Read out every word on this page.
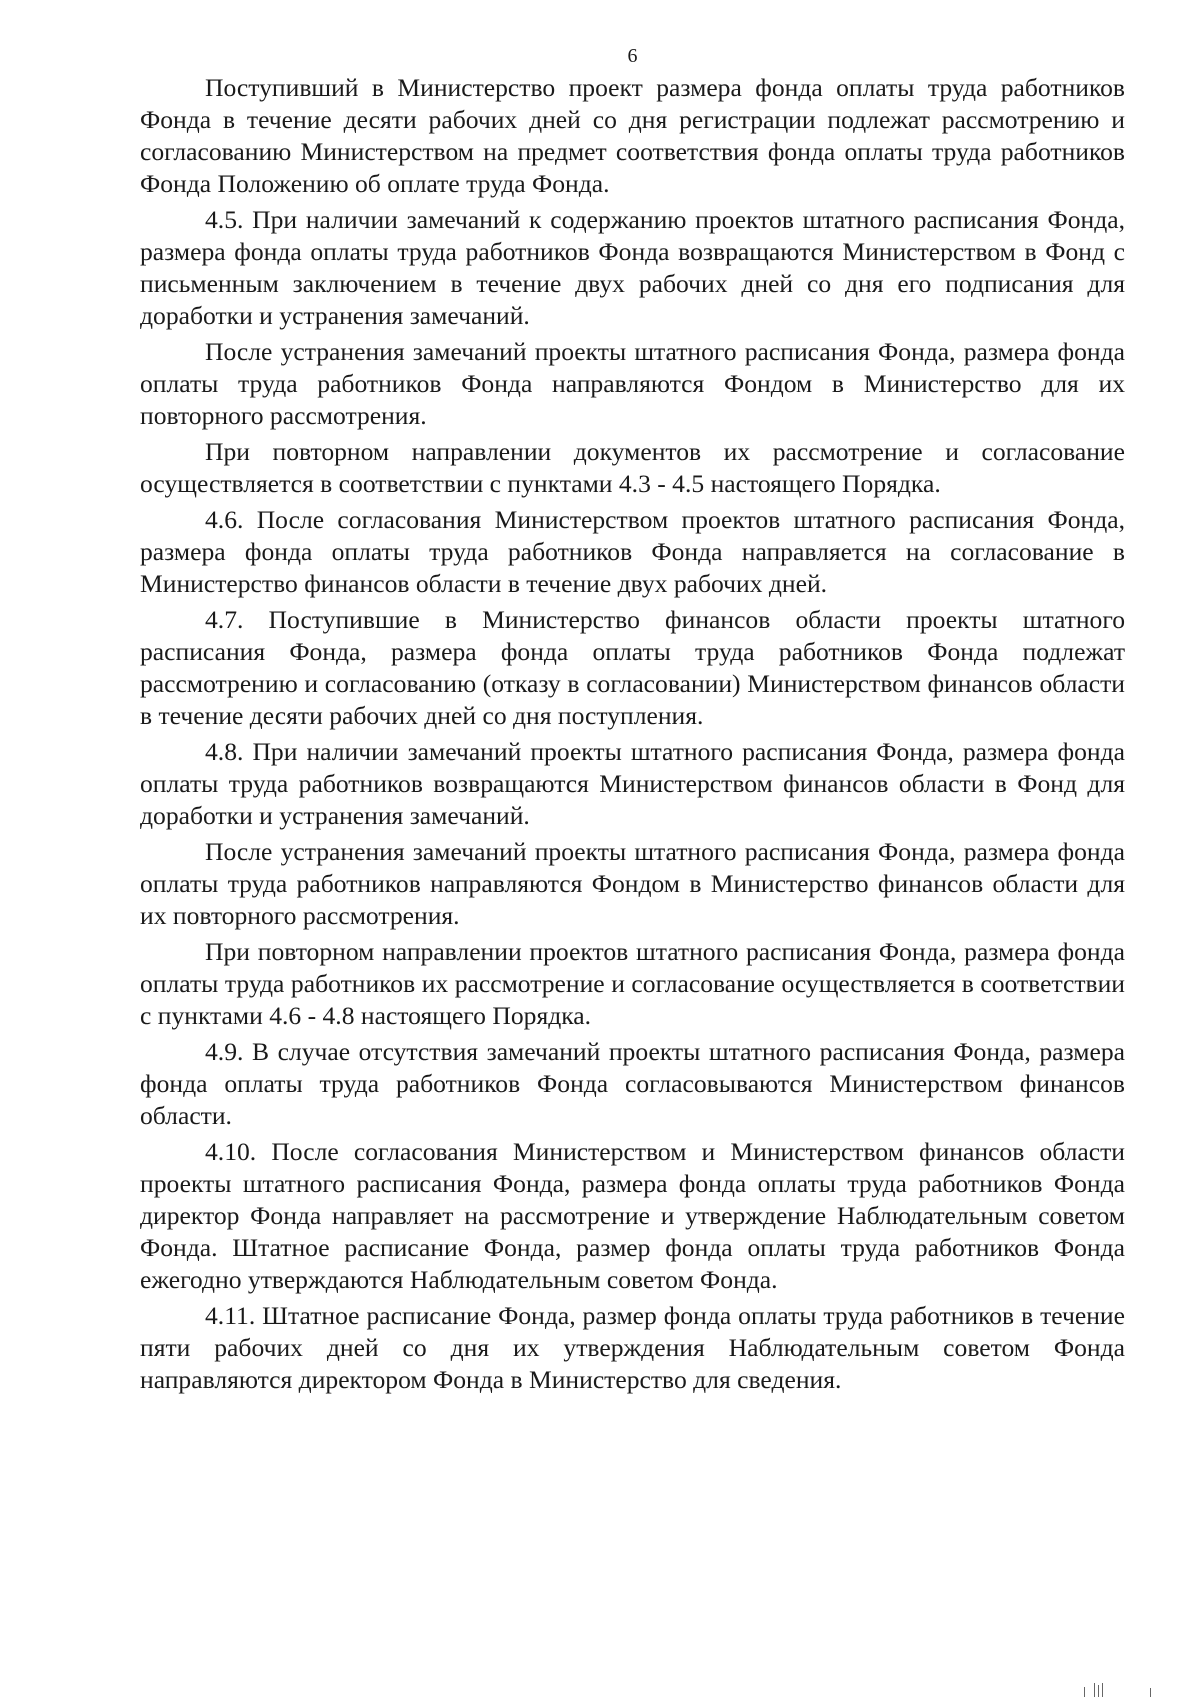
6

Поступивший в Министерство проект размера фонда оплаты труда работников Фонда в течение десяти рабочих дней со дня регистрации подлежат рассмотрению и согласованию Министерством на предмет соответствия фонда оплаты труда работников Фонда Положению об оплате труда Фонда.

4.5. При наличии замечаний к содержанию проектов штатного расписания Фонда, размера фонда оплаты труда работников Фонда возвращаются Министерством в Фонд с письменным заключением в течение двух рабочих дней со дня его подписания для доработки и устранения замечаний.

После устранения замечаний проекты штатного расписания Фонда, размера фонда оплаты труда работников Фонда направляются Фондом в Министерство для их повторного рассмотрения.

При повторном направлении документов их рассмотрение и согласование осуществляется в соответствии с пунктами 4.3 - 4.5 настоящего Порядка.

4.6. После согласования Министерством проектов штатного расписания Фонда, размера фонда оплаты труда работников Фонда направляется на согласование в Министерство финансов области в течение двух рабочих дней.

4.7. Поступившие в Министерство финансов области проекты штатного расписания Фонда, размера фонда оплаты труда работников Фонда подлежат рассмотрению и согласованию (отказу в согласовании) Министерством финансов области в течение десяти рабочих дней со дня поступления.

4.8. При наличии замечаний проекты штатного расписания Фонда, размера фонда оплаты труда работников возвращаются Министерством финансов области в Фонд для доработки и устранения замечаний.

После устранения замечаний проекты штатного расписания Фонда, размера фонда оплаты труда работников направляются Фондом в Министерство финансов области для их повторного рассмотрения.

При повторном направлении проектов штатного расписания Фонда, размера фонда оплаты труда работников их рассмотрение и согласование осуществляется в соответствии с пунктами 4.6 - 4.8 настоящего Порядка.

4.9. В случае отсутствия замечаний проекты штатного расписания Фонда, размера фонда оплаты труда работников Фонда согласовываются Министерством финансов области.

4.10. После согласования Министерством и Министерством финансов области проекты штатного расписания Фонда, размера фонда оплаты труда работников Фонда директор Фонда направляет на рассмотрение и утверждение Наблюдательным советом Фонда. Штатное расписание Фонда, размер фонда оплаты труда работников Фонда ежегодно утверждаются Наблюдательным советом Фонда.

4.11. Штатное расписание Фонда, размер фонда оплаты труда работников в течение пяти рабочих дней со дня их утверждения Наблюдательным советом Фонда направляются директором Фонда в Министерство для сведения.
